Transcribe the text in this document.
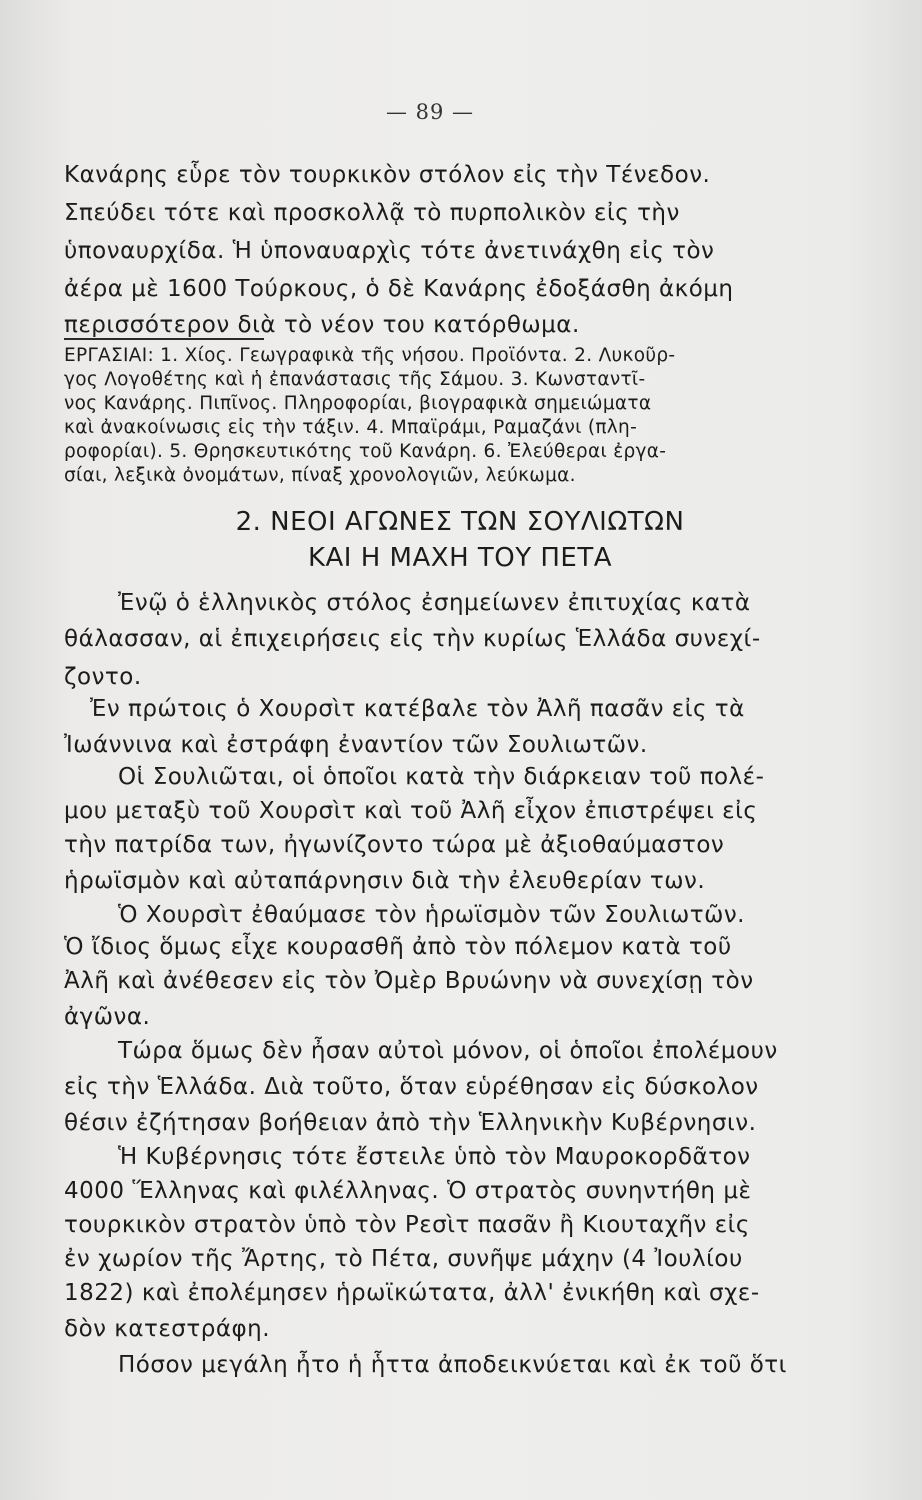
— 89 —
Κανάρης εὗρε τὸν τουρκικὸν στόλον εἰς τὴν Τένεδον.
Σπεύδει τότε καὶ προσκολλᾷ τὸ πυρπολικὸν εἰς τὴν
ὑποναυρχίδα. Ἡ ὑποναυαρχὶς τότε ἀνετινάχθη εἰς τὸν
ἀέρα μὲ 1600 Τούρκους, ὁ δὲ Κανάρης ἐδοξάσθη ἀκόμη
περισσότερον διὰ τὸ νέον του κατόρθωμα.
ΕΡΓΑΣΙΑΙ: 1. Χίος. Γεωγραφικὰ τῆς νήσου. Προϊόντα. 2. Λυκοῦρ-
γος Λογοθέτης καὶ ἡ ἐπανάστασις τῆς Σάμου. 3. Κωνσταντῖ-
νος Κανάρης. Πιπῖνος. Πληροφορίαι, βιογραφικὰ σημειώματα
καὶ ἀνακοίνωσις εἰς τὴν τάξιν. 4. Μπαϊράμι, Ραμαζάνι (πλη-
ροφορίαι). 5. Θρησκευτικότης τοῦ Κανάρη. 6. Ἐλεύθεραι ἐργα-
σίαι, λεξικὰ ὀνομάτων, πίναξ χρονολογιῶν, λεύκωμα.
2. ΝΕΟΙ ΑΓΩΝΕΣ ΤΩΝ ΣΟΥΛΙΩΤΩΝ
ΚΑΙ Η ΜΑΧΗ ΤΟΥ ΠΕΤΑ
Ἐνῷ ὁ ἑλληνικὸς στόλος ἐσημείωνεν ἐπιτυχίας κατὰ
θάλασσαν, αἱ ἐπιχειρήσεις εἰς τὴν κυρίως Ἑλλάδα συνεχί-
ζοντο.
Ἐν πρώτοις ὁ Χουρσὶτ κατέβαλε τὸν Ἀλῆ πασᾶν εἰς τὰ
Ἰωάννινα καὶ ἐστράφη ἐναντίον τῶν Σουλιωτῶν.
Οἱ Σουλιῶται, οἱ ὁποῖοι κατὰ τὴν διάρκειαν τοῦ πολέ-
μου μεταξὺ τοῦ Χουρσὶτ καὶ τοῦ Ἀλῆ εἶχον ἐπιστρέψει εἰς
τὴν πατρίδα των, ἠγωνίζοντο τώρα μὲ ἀξιοθαύμαστον
ἡρωϊσμὸν καὶ αὐταπάρνησιν διὰ τὴν ἐλευθερίαν των.
Ὁ Χουρσὶτ ἐθαύμασε τὸν ἡρωϊσμὸν τῶν Σουλιωτῶν.
Ὁ ἴδιος ὅμως εἶχε κουρασθῆ ἀπὸ τὸν πόλεμον κατὰ τοῦ
Ἀλῆ καὶ ἀνέθεσεν εἰς τὸν Ὀμὲρ Βρυώνην νὰ συνεχίσῃ τὸν
ἀγῶνα.
Τώρα ὅμως δὲν ἦσαν αὐτοὶ μόνον, οἱ ὁποῖοι ἐπολέμουν
εἰς τὴν Ἑλλάδα. Διὰ τοῦτο, ὅταν εὑρέθησαν εἰς δύσκολον
θέσιν ἐζήτησαν βοήθειαν ἀπὸ τὴν Ἑλληνικὴν Κυβέρνησιν.
Ἡ Κυβέρνησις τότε ἔστειλε ὑπὸ τὸν Μαυροκορδᾶτον
4000 Ἕλληνας καὶ φιλέλληνας. Ὁ στρατὸς συνηντήθη μὲ
τουρκικὸν στρατὸν ὑπὸ τὸν Ρεσὶτ πασᾶν ἢ Κιουταχῆν εἰς
ἐν χωρίον τῆς Ἄρτης, τὸ Πέτα, συνῆψε μάχην (4 Ἰουλίου
1822) καὶ ἐπολέμησεν ἡρωϊκώτατα, ἀλλ' ἐνικήθη καὶ σχε-
δὸν κατεστράφη.
Πόσον μεγάλη ἦτο ἡ ἧττα ἀποδεικνύεται καὶ ἐκ τοῦ ὅτι
